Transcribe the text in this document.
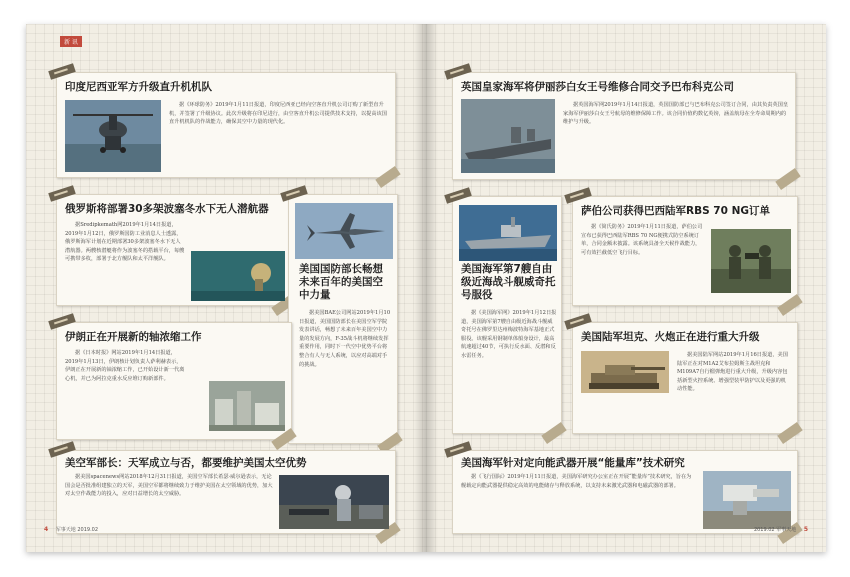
新 讯
印度尼西亚军方升级直升机机队
据《环球防务》2019年1月11日报道，印度尼西亚已经向空客直升机公司订购了新型直升机，并签署了升级协议。此次升级将在印尼进行，由空客直升机公司提供技术支持，以提高该国直升机机队的作战能力，确保其空中力量的现代化。
俄罗斯将部署30多架波塞冬水下无人潜航器
据Sredipkemath网2019年1月14日报道，2019年1月12日，俄罗斯国防工业消息人士透露，俄罗斯海军计划在近期部署30多架波塞冬水下无人潜航器。两艘核潜艇将作为波塞冬的搭载平台，每艘可携带多枚，部署于北方舰队和太平洋舰队。
美国国防部长畅想未来百年的美国空中力量
据美国BAE公司网站2019年1月10日报道，美国国防部长在美国空军学院发表讲话，畅想了未来百年美国空中力量的发展方向，F-35战斗机将继续发挥重要作用，同时下一代空中优势平台将整合有人与无人系统，以应对高端对手的挑战。
伊朗正在开展新的轴浓缩工作
据《日本时报》网站2019年1月14日报道，2019年1月13日，伊朗核计划负责人萨利赫表示，伊朗正在开展新的铀浓缩工作，已开始设计新一代离心机，并已为阿拉克重水反应堆订购新部件。
美空军部长：天军成立与否，都要维护美国太空优势
据美国spacenews网站2018年12月31日报道，美国空军部长希瑟·威尔逊表示，无论国会是否批准组建独立的天军，美国空军都将继续致力于维护美国在太空领域的优势，加大对太空作战能力的投入，应对日益增长的太空威胁。
4 军事天地 2019.02
英国皇家海军将伊丽莎白女王号维修合同交予巴布科克公司
据英国海军网2019年1月14日报道，英国国防部已与巴布科克公司签订合同，由其负责英国皇家海军伊丽莎白女王号航母的维修保障工作。该合同价值约数亿英镑，涵盖航母在全寿命周期内的维护与升级。
美国海军第7艘自由级近海战斗舰威奇托号服役
据《美国海军网》2019年1月12日报道，美国海军第7艘自由级近海战斗舰威奇托号在佛罗里达州梅波特海军基地正式服役。该舰采用钢制单体船身设计，最高航速超过40节，可执行反水面、反潜和反水雷任务。
萨伯公司获得巴西陆军RBS 70 NG订单
据《简氏防务》2019年1月11日报道，萨伯公司宣布已获得巴西陆军RBS 70 NG便携式防空系统订单，合同金额未披露。该系统具备全天候作战能力，可有效拦截低空飞行目标。
美国陆军坦克、火炮正在进行重大升级
据美国陆军网站2019年1月16日报道，美国陆军正在对M1A2艾布拉姆斯主战坦克和M109A7自行榴弹炮进行重大升级，升级内容包括新型火控系统、增强型装甲防护以及更强的机动性能。
美国海军针对定向能武器开展“能量库”技术研究
据《飞行国际》2019年1月11日报道，美国海军研究办公室正在开展“能量库”技术研究，旨在为舰载定向能武器提供稳定高效的电能储存与释放系统，以支持未来激光武器和电磁武器的部署。
2019.02 军事天地 5
